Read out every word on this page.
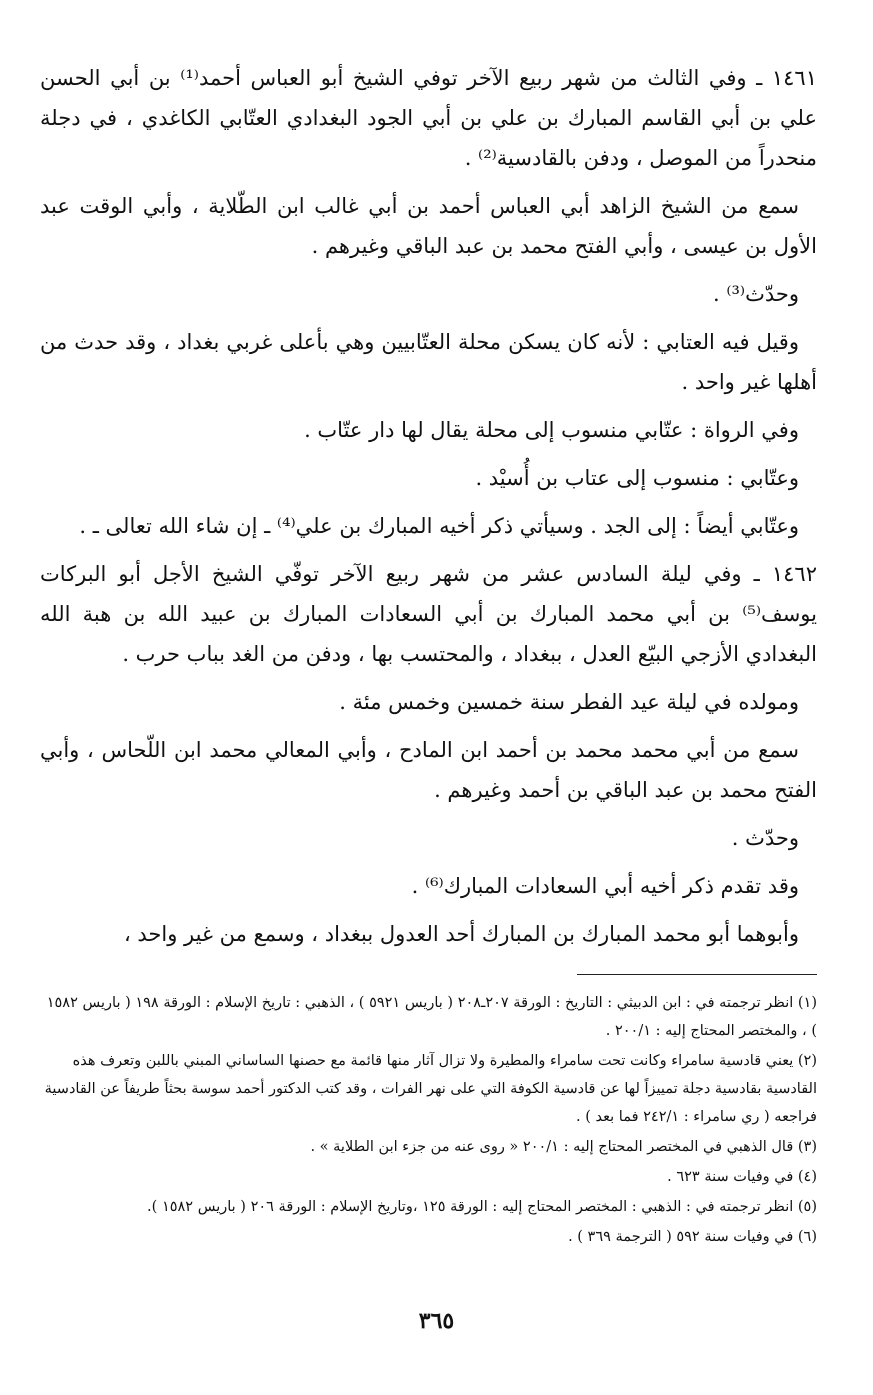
١٤٦١ ـ وفي الثالث من شهر ربيع الآخر توفي الشيخ أبو العباس أحمد⁽¹⁾ بن أبي الحسن علي بن أبي القاسم المبارك بن علي بن أبي الجود البغدادي العتّابي الكاغدي ، في دجلة منحدراً من الموصل ، ودفن بالقادسية⁽²⁾ .

سمع من الشيخ الزاهد أبي العباس أحمد بن أبي غالب ابن الطّلاية ، وأبي الوقت عبد الأول بن عيسى ، وأبي الفتح محمد بن عبد الباقي وغيرهم .

وحدّث⁽³⁾ .

وقيل فيه العتابي : لأنه كان يسكن محلة العتّابيين وهي بأعلى غربي بغداد ، وقد حدث من أهلها غير واحد .

وفي الرواة : عتّابي منسوب إلى محلة يقال لها دار عتّاب .

وعتّابي : منسوب إلى عتاب بن أُسيْد .

وعتّابي أيضاً : إلى الجد . وسيأتي ذكر أخيه المبارك بن علي⁽⁴⁾ ـ إن شاء الله تعالى ـ .

١٤٦٢ ـ وفي ليلة السادس عشر من شهر ربيع الآخر توفّي الشيخ الأجل أبو البركات يوسف⁽⁵⁾ بن أبي محمد المبارك بن أبي السعادات المبارك بن عبيد الله بن هبة الله البغدادي الأزجي البيّع العدل ، ببغداد ، والمحتسب بها ، ودفن من الغد بباب حرب .

ومولده في ليلة عيد الفطر سنة خمسين وخمس مئة .

سمع من أبي محمد محمد بن أحمد ابن المادح ، وأبي المعالي محمد ابن اللّحاس ، وأبي الفتح محمد بن عبد الباقي بن أحمد وغيرهم .

وحدّث .

وقد تقدم ذكر أخيه أبي السعادات المبارك⁽⁶⁾ .

وأبوهما أبو محمد المبارك بن المبارك أحد العدول ببغداد ، وسمع من غير واحد ،

(١) انظر ترجمته في : ابن الدبيثي : التاريخ : الورقة ٢٠٧ـ٢٠٨ ( باريس ٥٩٢١ ) ، الذهبي : تاريخ الإسلام : الورقة ١٩٨ ( باريس ١٥٨٢ ) ، والمختصر المحتاج إليه : ٢٠٠/١ .

(٢) يعني قادسية سامراء وكانت تحت سامراء والمطيرة ولا تزال آثار منها قائمة مع حصنها الساساني المبني باللبن وتعرف هذه القادسية بقادسية دجلة تمييزاً لها عن قادسية الكوفة التي على نهر الفرات ، وقد كتب الدكتور أحمد سوسة بحثاً طريفاً عن القادسية فراجعه ( ري سامراء : ٢٤٢/١ فما بعد ) .

(٣) قال الذهبي في المختصر المحتاج إليه : ٢٠٠/١ « روى عنه من جزء ابن الطلاية » .

(٤) في وفيات سنة ٦٢٣ .

(٥) انظر ترجمته في : الذهبي : المختصر المحتاج إليه : الورقة ١٢٥ ،وتاريخ الإسلام : الورقة ٢٠٦ ( باريس ١٥٨٢ ).

(٦) في وفيات سنة ٥٩٢ ( الترجمة ٣٦٩ ) .

٣٦٥
